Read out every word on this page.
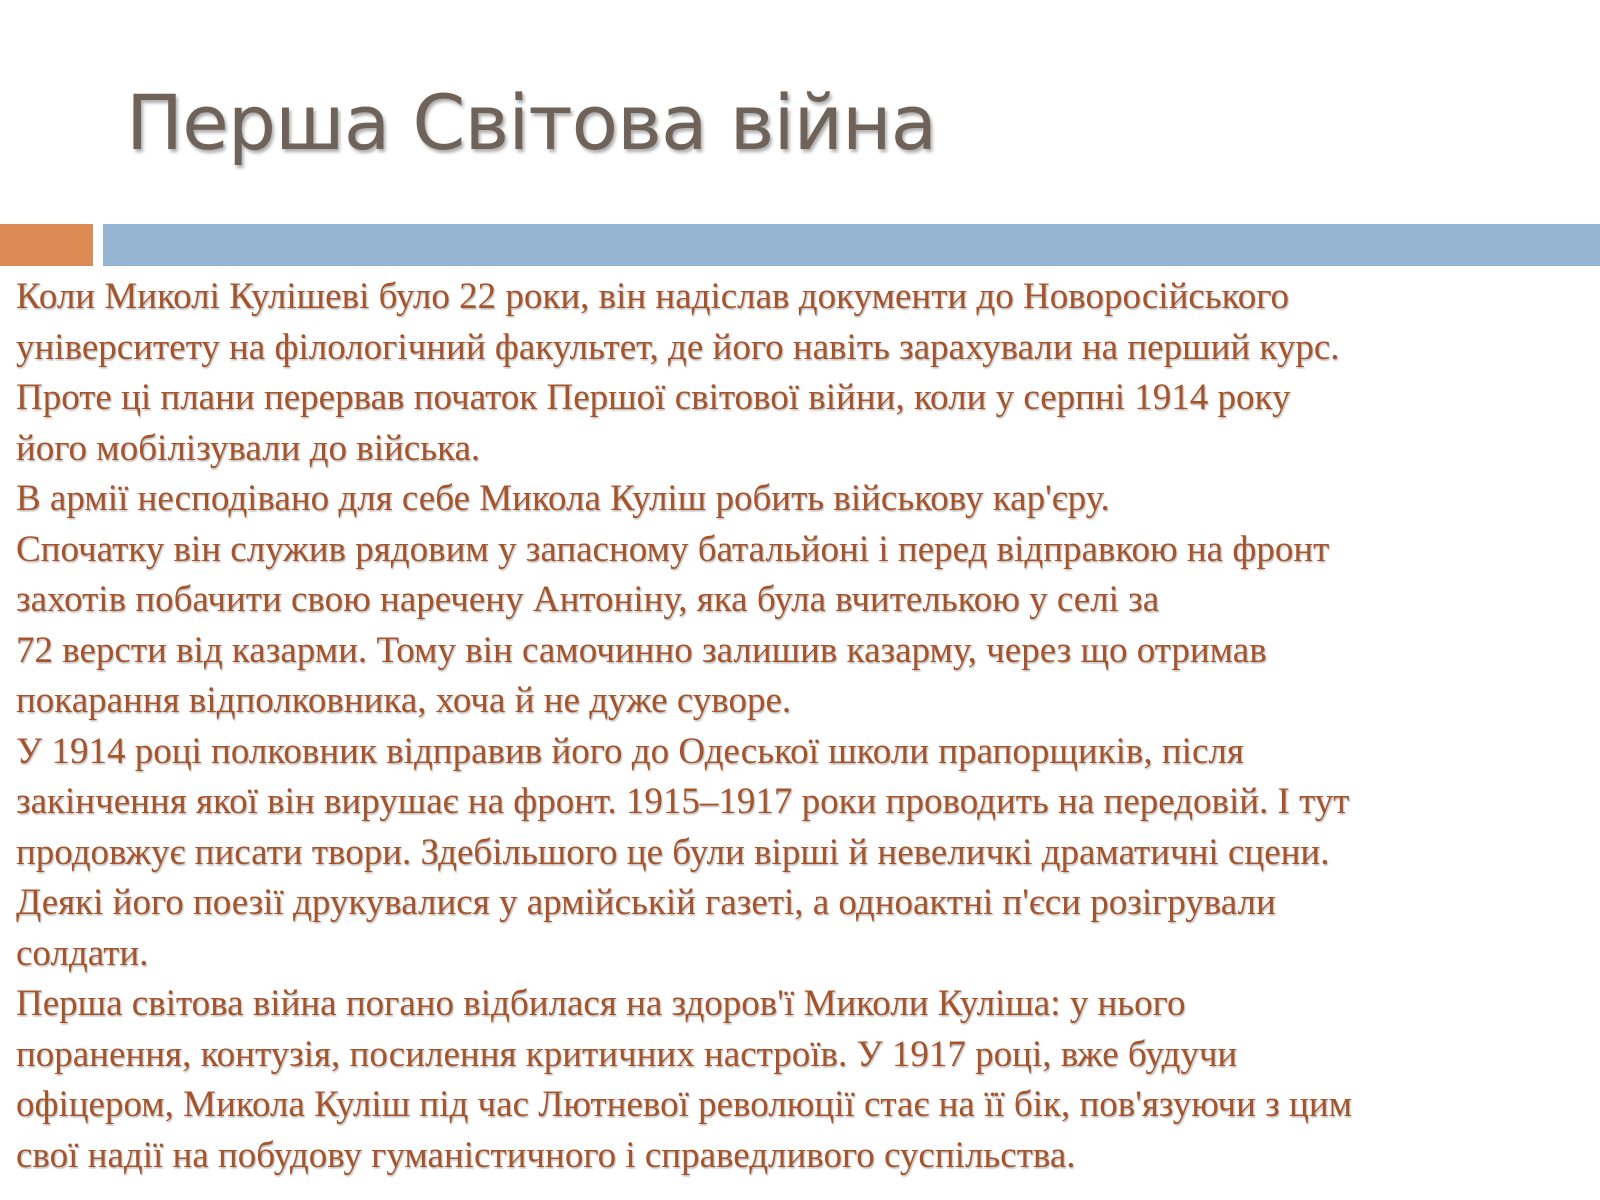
Перша Світова війна
Коли Миколі Кулішеві було 22 роки, він надіслав документи до Новоросійського
університету на філологічний факультет, де його навіть зарахували на перший курс.
Проте ці плани перервав початок Першої світової війни, коли у серпні 1914 року
його мобілізували до війська.
В армії несподівано для себе Микола Куліш робить військову кар'єру.
Спочатку він служив рядовим у запасному батальйоні і перед відправкою на фронт
захотів побачити свою наречену Антоніну, яка була вчителькою у селі за
72 версти від казарми. Тому він самочинно залишив казарму, через що отримав
покарання відполковника, хоча й не дуже суворе.
У 1914 році полковник відправив його до Одеської школи прапорщиків, після
закінчення якої він вирушає на фронт. 1915–1917 роки проводить на передовій. І тут
продовжує писати твори. Здебільшого це були вірші й невеличкі драматичні сцени.
Деякі його поезії друкувалися у армійській газеті, а одноактні п'єси розігрували
солдати.
Перша світова війна погано відбилася на здоров'ї Миколи Куліша: у нього
поранення, контузія, посилення критичних настроїв. У 1917 році, вже будучи
офіцером, Микола Куліш під час Лютневої революції стає на її бік, пов'язуючи з цим
свої надії на побудову гуманістичного і справедливого суспільства.
